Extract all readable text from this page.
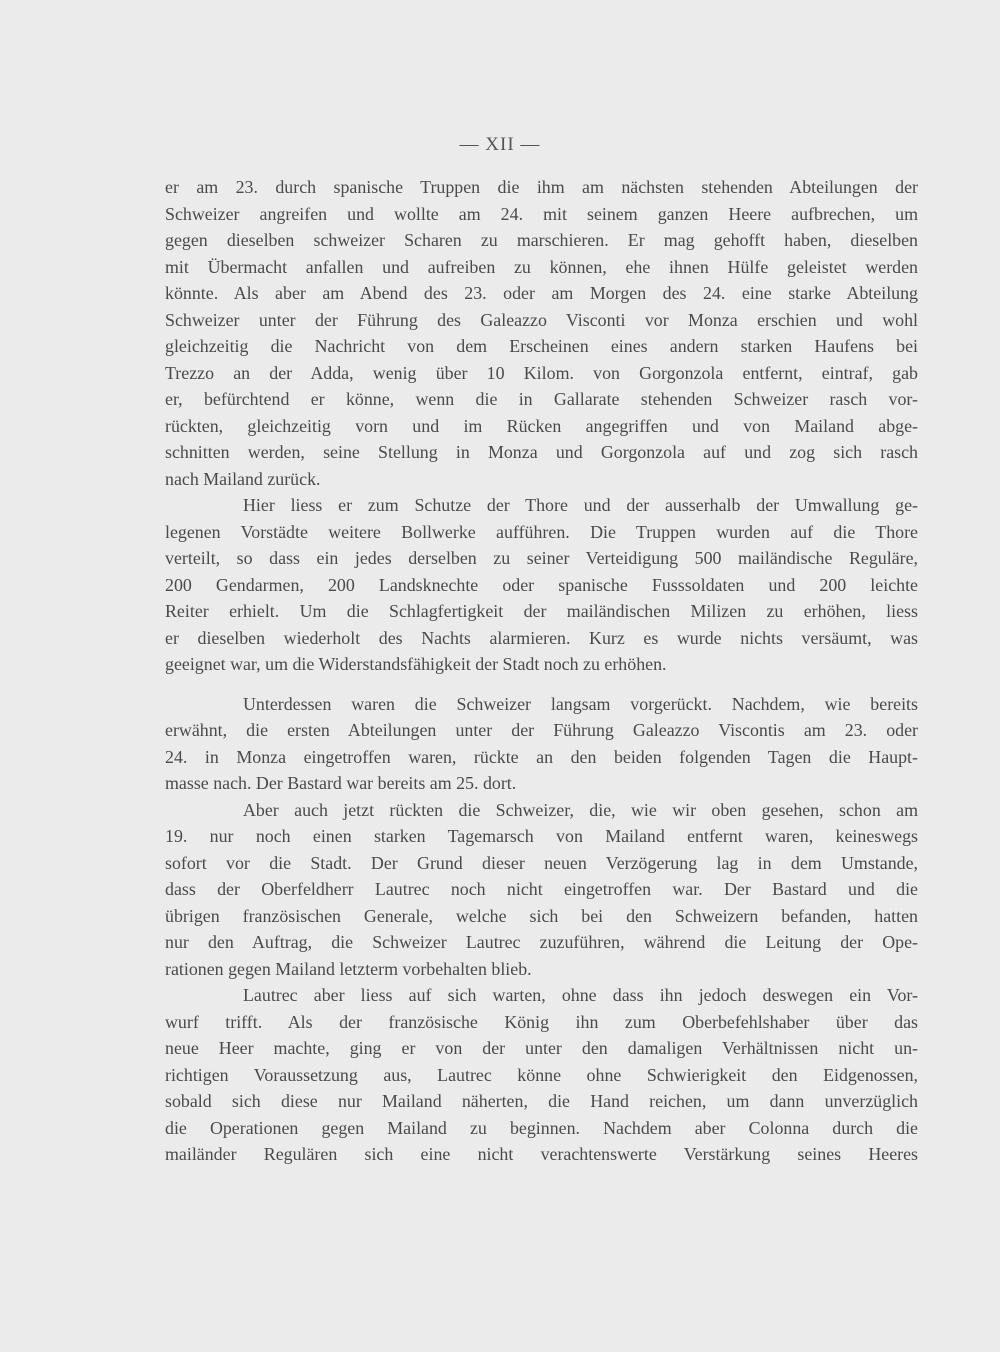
— XII —
er am 23. durch spanische Truppen die ihm am nächsten stehenden Abteilungen der
Schweizer angreifen und wollte am 24. mit seinem ganzen Heere aufbrechen, um
gegen dieselben schweizer Scharen zu marschieren. Er mag gehofft haben, dieselben
mit Übermacht anfallen und aufreiben zu können, ehe ihnen Hülfe geleistet werden
könnte. Als aber am Abend des 23. oder am Morgen des 24. eine starke Abteilung
Schweizer unter der Führung des Galeazzo Visconti vor Monza erschien und wohl
gleichzeitig die Nachricht von dem Erscheinen eines andern starken Haufens bei
Trezzo an der Adda, wenig über 10 Kilom. von Gorgonzola entfernt, eintraf, gab
er, befürchtend er könne, wenn die in Gallarate stehenden Schweizer rasch vor-
rückten, gleichzeitig vorn und im Rücken angegriffen und von Mailand abge-
schnitten werden, seine Stellung in Monza und Gorgonzola auf und zog sich rasch
nach Mailand zurück.
Hier liess er zum Schutze der Thore und der ausserhalb der Umwallung ge-
legenen Vorstädte weitere Bollwerke aufführen. Die Truppen wurden auf die Thore
verteilt, so dass ein jedes derselben zu seiner Verteidigung 500 mailändische Reguläre,
200 Gendarmen, 200 Landsknechte oder spanische Fusssoldaten und 200 leichte
Reiter erhielt. Um die Schlagfertigkeit der mailändischen Milizen zu erhöhen, liess
er dieselben wiederholt des Nachts alarmieren. Kurz es wurde nichts versäumt, was
geeignet war, um die Widerstandsfähigkeit der Stadt noch zu erhöhen.
Unterdessen waren die Schweizer langsam vorgerückt. Nachdem, wie bereits
erwähnt, die ersten Abteilungen unter der Führung Galeazzo Viscontis am 23. oder
24. in Monza eingetroffen waren, rückte an den beiden folgenden Tagen die Haupt-
masse nach. Der Bastard war bereits am 25. dort.
Aber auch jetzt rückten die Schweizer, die, wie wir oben gesehen, schon am
19. nur noch einen starken Tagemarsch von Mailand entfernt waren, keineswegs
sofort vor die Stadt. Der Grund dieser neuen Verzögerung lag in dem Umstande,
dass der Oberfeldherr Lautrec noch nicht eingetroffen war. Der Bastard und die
übrigen französischen Generale, welche sich bei den Schweizern befanden, hatten
nur den Auftrag, die Schweizer Lautrec zuzuführen, während die Leitung der Ope-
rationen gegen Mailand letzterm vorbehalten blieb.
Lautrec aber liess auf sich warten, ohne dass ihn jedoch deswegen ein Vor-
wurf trifft. Als der französische König ihn zum Oberbefehlshaber über das
neue Heer machte, ging er von der unter den damaligen Verhältnissen nicht un-
richtigen Voraussetzung aus, Lautrec könne ohne Schwierigkeit den Eidgenossen,
sobald sich diese nur Mailand näherten, die Hand reichen, um dann unverzüglich
die Operationen gegen Mailand zu beginnen. Nachdem aber Colonna durch die
mailänder Regulären sich eine nicht verachtenswerte Verstärkung seines Heeres
